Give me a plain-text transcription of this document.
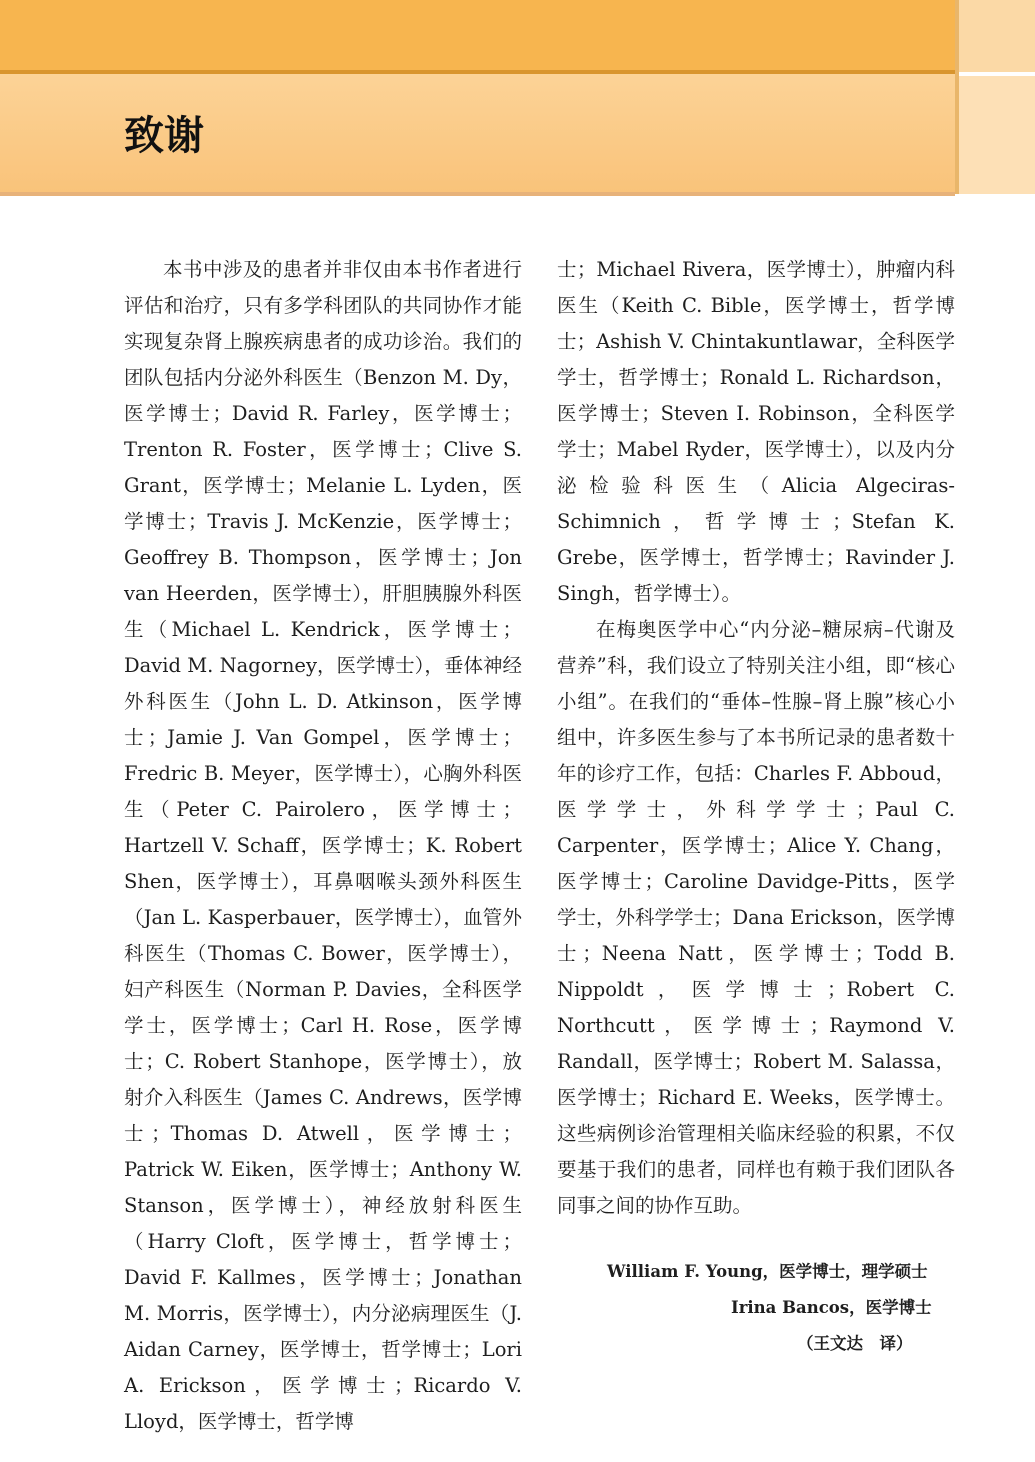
致谢

本书中涉及的患者并非仅由本书作者进行评估和治疗，只有多学科团队的共同协作才能实现复杂肾上腺疾病患者的成功诊治。我们的团队包括内分泌外科医生（Benzon M. Dy，医学博士；David R. Farley，医学博士；Trenton R. Foster，医学博士；Clive S. Grant，医学博士；Melanie L. Lyden，医学博士；Travis J. McKenzie，医学博士；Geoffrey B. Thompson，医学博士；Jon van Heerden，医学博士），肝胆胰腺外科医生（Michael L. Kendrick，医学博士；David M. Nagorney，医学博士），垂体神经外科医生（John L. D. Atkinson，医学博士；Jamie J. Van Gompel，医学博士；Fredric B. Meyer，医学博士），心胸外科医生（Peter C. Pairolero，医学博士；Hartzell V. Schaff，医学博士；K. Robert Shen，医学博士），耳鼻咽喉头颈外科医生（Jan L. Kasperbauer，医学博士），血管外科医生（Thomas C. Bower，医学博士），妇产科医生（Norman P. Davies，全科医学学士，医学博士；Carl H. Rose，医学博士；C. Robert Stanhope，医学博士），放射介入科医生（James C. Andrews，医学博士；Thomas D. Atwell，医学博士；Patrick W. Eiken，医学博士；Anthony W. Stanson，医学博士），神经放射科医生（Harry Cloft，医学博士，哲学博士；David F. Kallmes，医学博士；Jonathan M. Morris，医学博士），内分泌病理医生（J. Aidan Carney，医学博士，哲学博士；Lori A. Erickson，医学博士；Ricardo V. Lloyd，医学博士，哲学博

士；Michael Rivera，医学博士），肿瘤内科医生（Keith C. Bible，医学博士，哲学博士；Ashish V. Chintakuntlawar，全科医学学士，哲学博士；Ronald L. Richardson，医学博士；Steven I. Robinson，全科医学学士；Mabel Ryder，医学博士），以及内分泌检验科医生（Alicia Algeciras-Schimnich，哲学博士；Stefan K. Grebe，医学博士，哲学博士；Ravinder J. Singh，哲学博士）。

在梅奥医学中心“内分泌–糖尿病–代谢及营养”科，我们设立了特别关注小组，即“核心小组”。在我们的“垂体–性腺–肾上腺”核心小组中，许多医生参与了本书所记录的患者数十年的诊疗工作，包括：Charles F. Abboud，医学学士，外科学学士；Paul C. Carpenter，医学博士；Alice Y. Chang，医学博士；Caroline Davidge-Pitts，医学学士，外科学学士；Dana Erickson，医学博士；Neena Natt，医学博士；Todd B. Nippoldt，医学博士；Robert C. Northcutt，医学博士；Raymond V. Randall，医学博士；Robert M. Salassa，医学博士；Richard E. Weeks，医学博士。这些病例诊治管理相关临床经验的积累，不仅要基于我们的患者，同样也有赖于我们团队各同事之间的协作互助。

William F. Young，医学博士，理学硕士
Irina Bancos，医学博士
（王文达　译）
